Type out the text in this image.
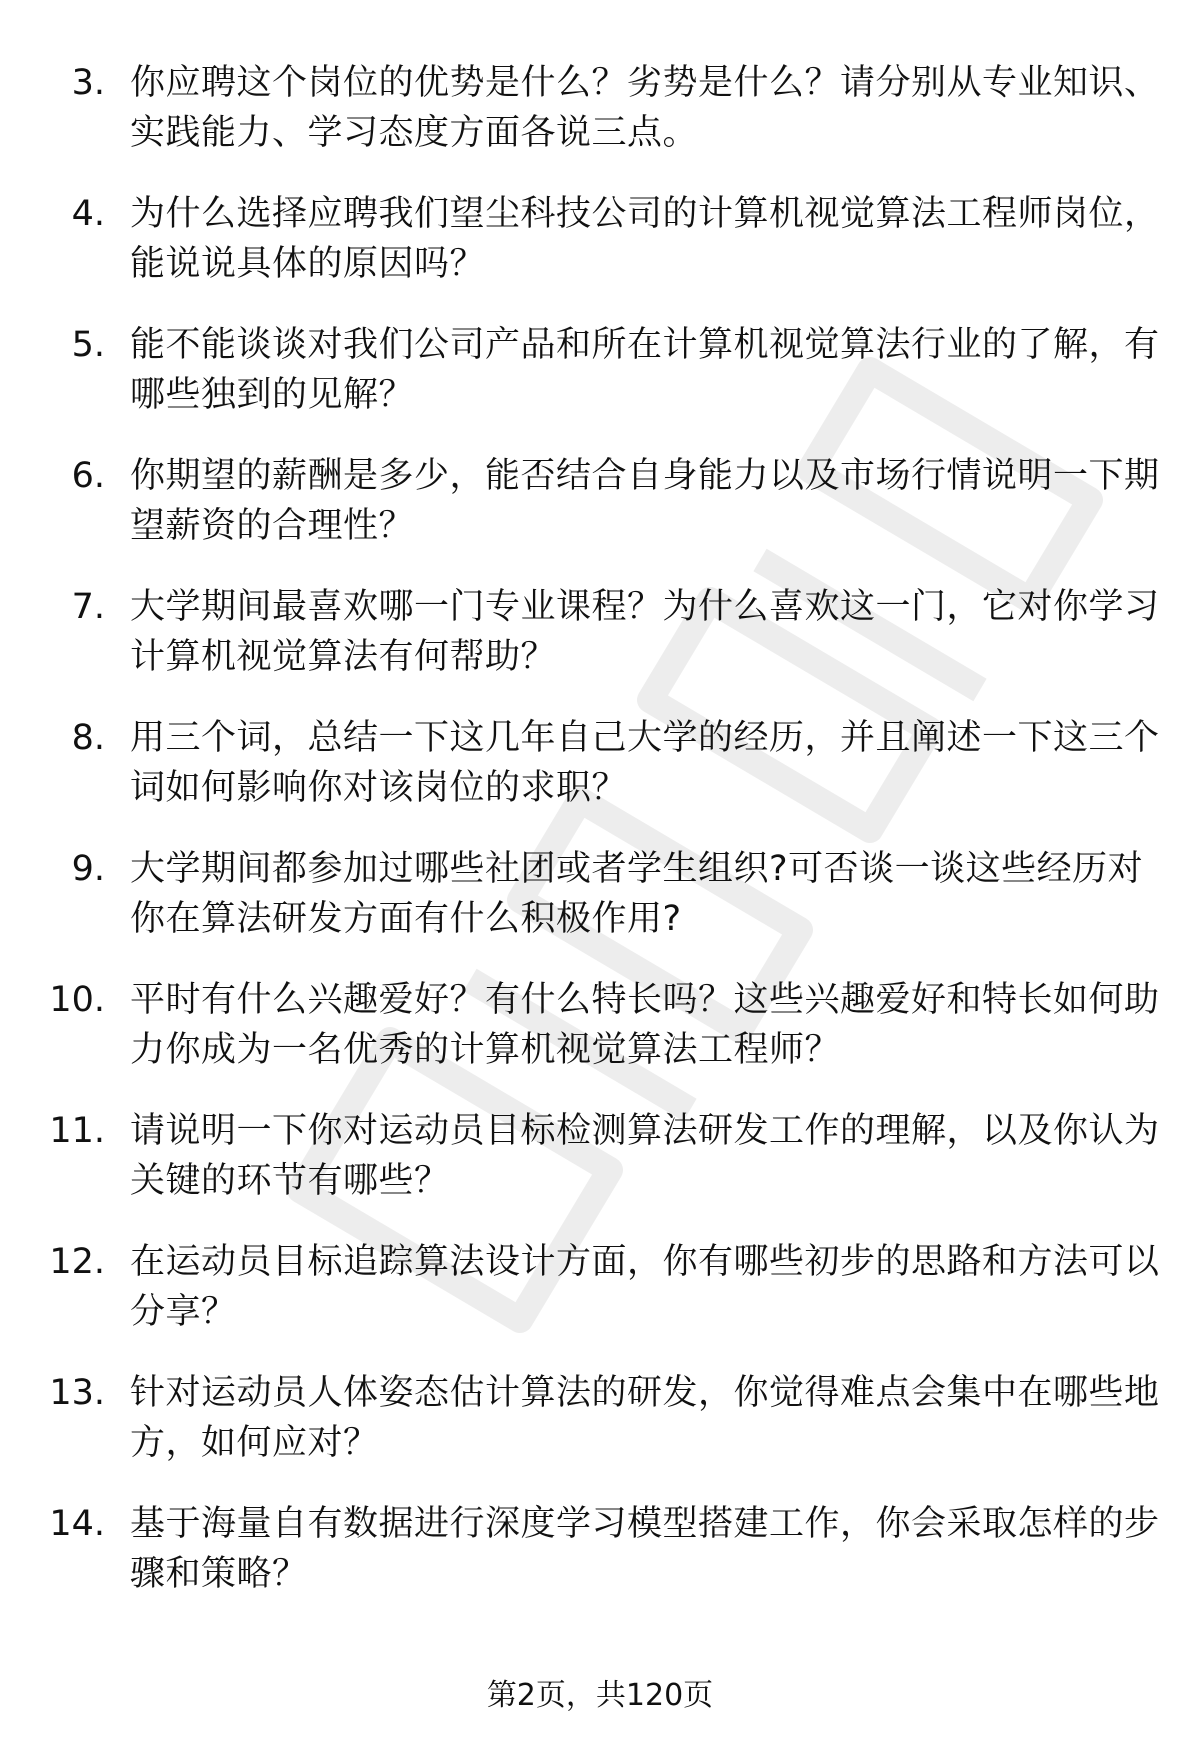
3. 你应聘这个岗位的优势是什么？劣势是什么？请分别从专业知识、实践能力、学习态度方面各说三点。
4. 为什么选择应聘我们望尘科技公司的计算机视觉算法工程师岗位，能说说具体的原因吗？
5. 能不能谈谈对我们公司产品和所在计算机视觉算法行业的了解，有哪些独到的见解？
6. 你期望的薪酬是多少，能否结合自身能力以及市场行情说明一下期望薪资的合理性？
7. 大学期间最喜欢哪一门专业课程？为什么喜欢这一门，它对你学习计算机视觉算法有何帮助？
8. 用三个词，总结一下这几年自己大学的经历，并且阐述一下这三个词如何影响你对该岗位的求职？
9. 大学期间都参加过哪些社团或者学生组织?可否谈一谈这些经历对你在算法研发方面有什么积极作用?
10. 平时有什么兴趣爱好？有什么特长吗？这些兴趣爱好和特长如何助力你成为一名优秀的计算机视觉算法工程师？
11. 请说明一下你对运动员目标检测算法研发工作的理解，以及你认为关键的环节有哪些？
12. 在运动员目标追踪算法设计方面，你有哪些初步的思路和方法可以分享？
13. 针对运动员人体姿态估计算法的研发，你觉得难点会集中在哪些地方，如何应对？
14. 基于海量自有数据进行深度学习模型搭建工作，你会采取怎样的步骤和策略？
第2页，共120页
